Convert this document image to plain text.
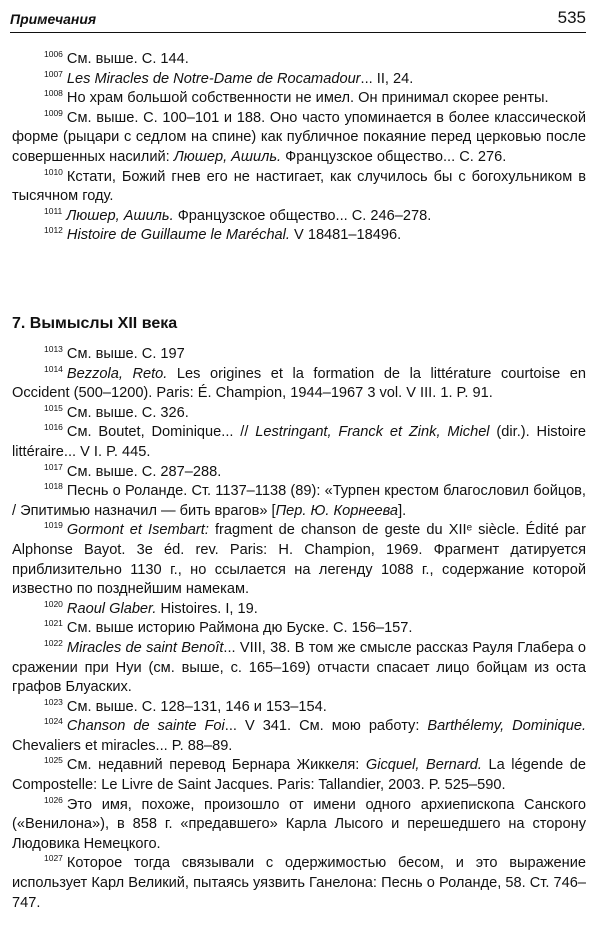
Примечания	535

$^{1006}$ См. выше. С. 144.

$^{1007}$ Les Miracles de Notre-Dame de Rocamadour... II, 24.

$^{1008}$ Но храм большой собственности не имел. Он принимал скорее ренты.

$^{1009}$ См. выше. С. 100–101 и 188. Оно часто упоминается в более классической форме (рыцари с седлом на спине) как публичное покаяние перед церковью после совершенных насилий: Люшер, Ашиль. Французское общество... С. 276.

$^{1010}$ Кстати, Божий гнев его не настигает, как случилось бы с богохульником в тысячном году.

$^{1011}$ Люшер, Ашиль. Французское общество... С. 246–278.

$^{1012}$ Histoire de Guillaume le Maréchal. V 18481–18496.

7. Вымыслы XII века

$^{1013}$ См. выше. С. 197

$^{1014}$ Bezzola, Reto. Les origines et la formation de la littérature courtoise en Occident (500–1200). Paris: É. Champion, 1944–1967 3 vol. V III. 1. P. 91.

$^{1015}$ См. выше. С. 326.

$^{1016}$ См. Boutet, Dominique... // Lestringant, Franck et Zink, Michel (dir.). Histoire littéraire... V I. P. 445.

$^{1017}$ См. выше. С. 287–288.

$^{1018}$ Песнь о Роланде. Ст. 1137–1138 (89): «Турпен крестом благословил бойцов, / Эпитимью назначил — бить врагов» [Пер. Ю. Корнеева].

$^{1019}$ Gormont et Isembart: fragment de chanson de geste du XIIᵉ siècle. Édité par Alphonse Bayot. 3e éd. rev. Paris: H. Champion, 1969. Фрагмент датируется приблизительно 1130 г., но ссылается на легенду 1088 г., содержание которой известно по позднейшим намекам.

$^{1020}$ Raoul Glaber. Histoires. I, 19.

$^{1021}$ См. выше историю Раймона дю Буске. С. 156–157.

$^{1022}$ Miracles de saint Benoît... VIII, 38. В том же смысле рассказ Рауля Глабера о сражении при Нуи (см. выше, с. 165–169) отчасти спасает лицо бойцам из оста графов Блуаских.

$^{1023}$ См. выше. С. 128–131, 146 и 153–154.

$^{1024}$ Chanson de sainte Foi... V 341. См. мою работу: Barthélemy, Dominique. Chevaliers et miracles... P. 88–89.

$^{1025}$ См. недавний перевод Бернара Жиккеля: Gicquel, Bernard. La légende de Compostelle: Le Livre de Saint Jacques. Paris: Tallandier, 2003. P. 525–590.

$^{1026}$ Это имя, похоже, произошло от имени одного архиепископа Санского («Венилона»), в 858 г. «предавшего» Карла Лысого и перешедшего на сторону Людовика Немецкого.

$^{1027}$ Которое тогда связывали с одержимостью бесом, и это выражение использует Карл Великий, пытаясь уязвить Ганелона: Песнь о Роланде, 58. Ст. 746–747.
